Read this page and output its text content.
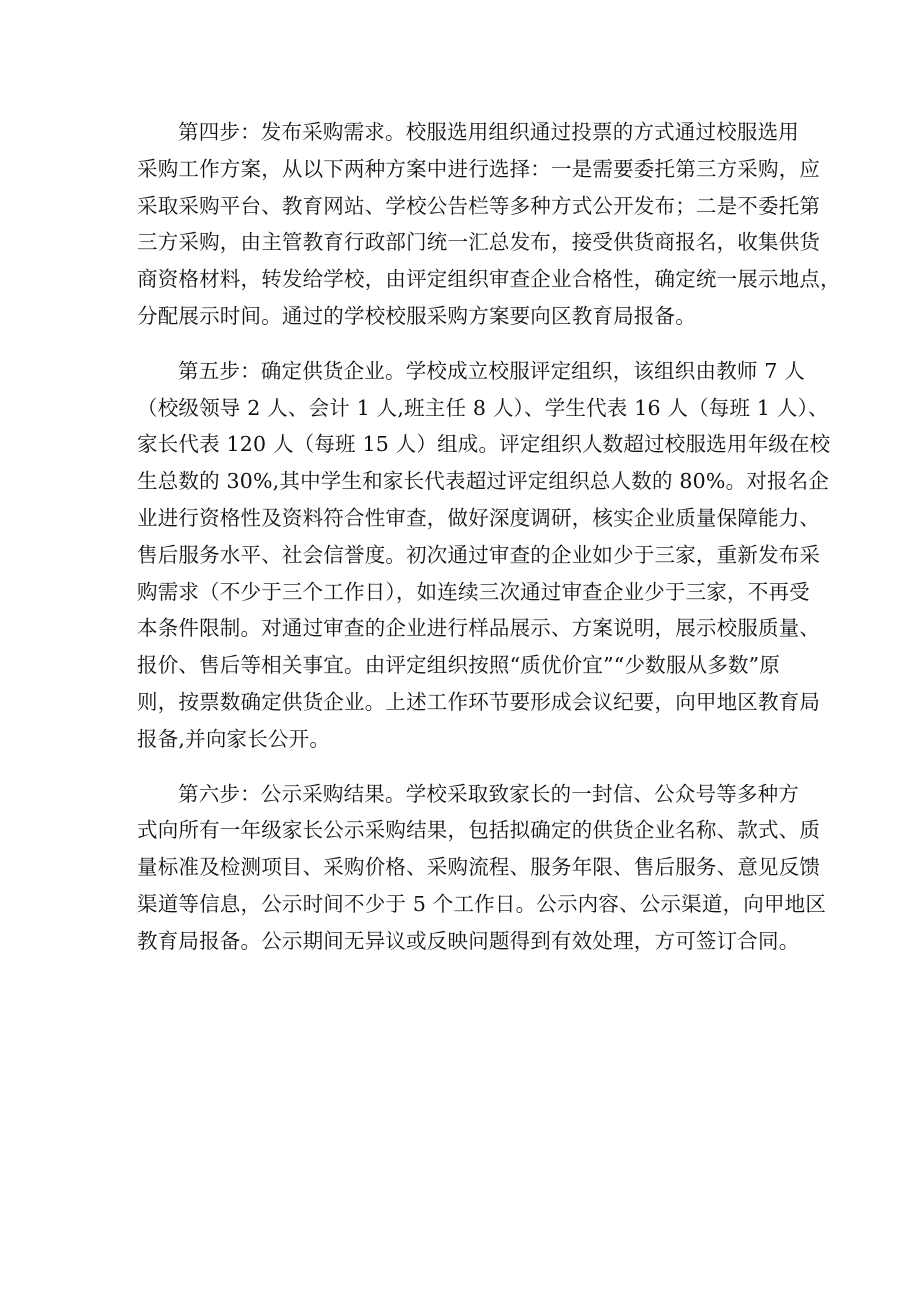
第四步：发布采购需求。校服选用组织通过投票的方式通过校服选用
采购工作方案，从以下两种方案中进行选择：一是需要委托第三方采购，应
采取采购平台、教育网站、学校公告栏等多种方式公开发布；二是不委托第
三方采购，由主管教育行政部门统一汇总发布，接受供货商报名，收集供货
商资格材料，转发给学校，由评定组织审查企业合格性，确定统一展示地点，
分配展示时间。通过的学校校服采购方案要向区教育局报备。
第五步：确定供货企业。学校成立校服评定组织，该组织由教师 7 人
（校级领导 2 人、会计 1 人,班主任 8 人）、学生代表 16 人（每班 1 人）、
家长代表 120 人（每班 15 人）组成。评定组织人数超过校服选用年级在校
生总数的 30%,其中学生和家长代表超过评定组织总人数的 80%。对报名企
业进行资格性及资料符合性审查，做好深度调研，核实企业质量保障能力、
售后服务水平、社会信誉度。初次通过审查的企业如少于三家，重新发布采
购需求（不少于三个工作日），如连续三次通过审查企业少于三家，不再受
本条件限制。对通过审查的企业进行样品展示、方案说明，展示校服质量、
报价、售后等相关事宜。由评定组织按照“质优价宜”“少数服从多数”原
则，按票数确定供货企业。上述工作环节要形成会议纪要，向甲地区教育局
报备,并向家长公开。
第六步：公示采购结果。学校采取致家长的一封信、公众号等多种方
式向所有一年级家长公示采购结果，包括拟确定的供货企业名称、款式、质
量标准及检测项目、采购价格、采购流程、服务年限、售后服务、意见反馈
渠道等信息，公示时间不少于 5 个工作日。公示内容、公示渠道，向甲地区
教育局报备。公示期间无异议或反映问题得到有效处理，方可签订合同。
